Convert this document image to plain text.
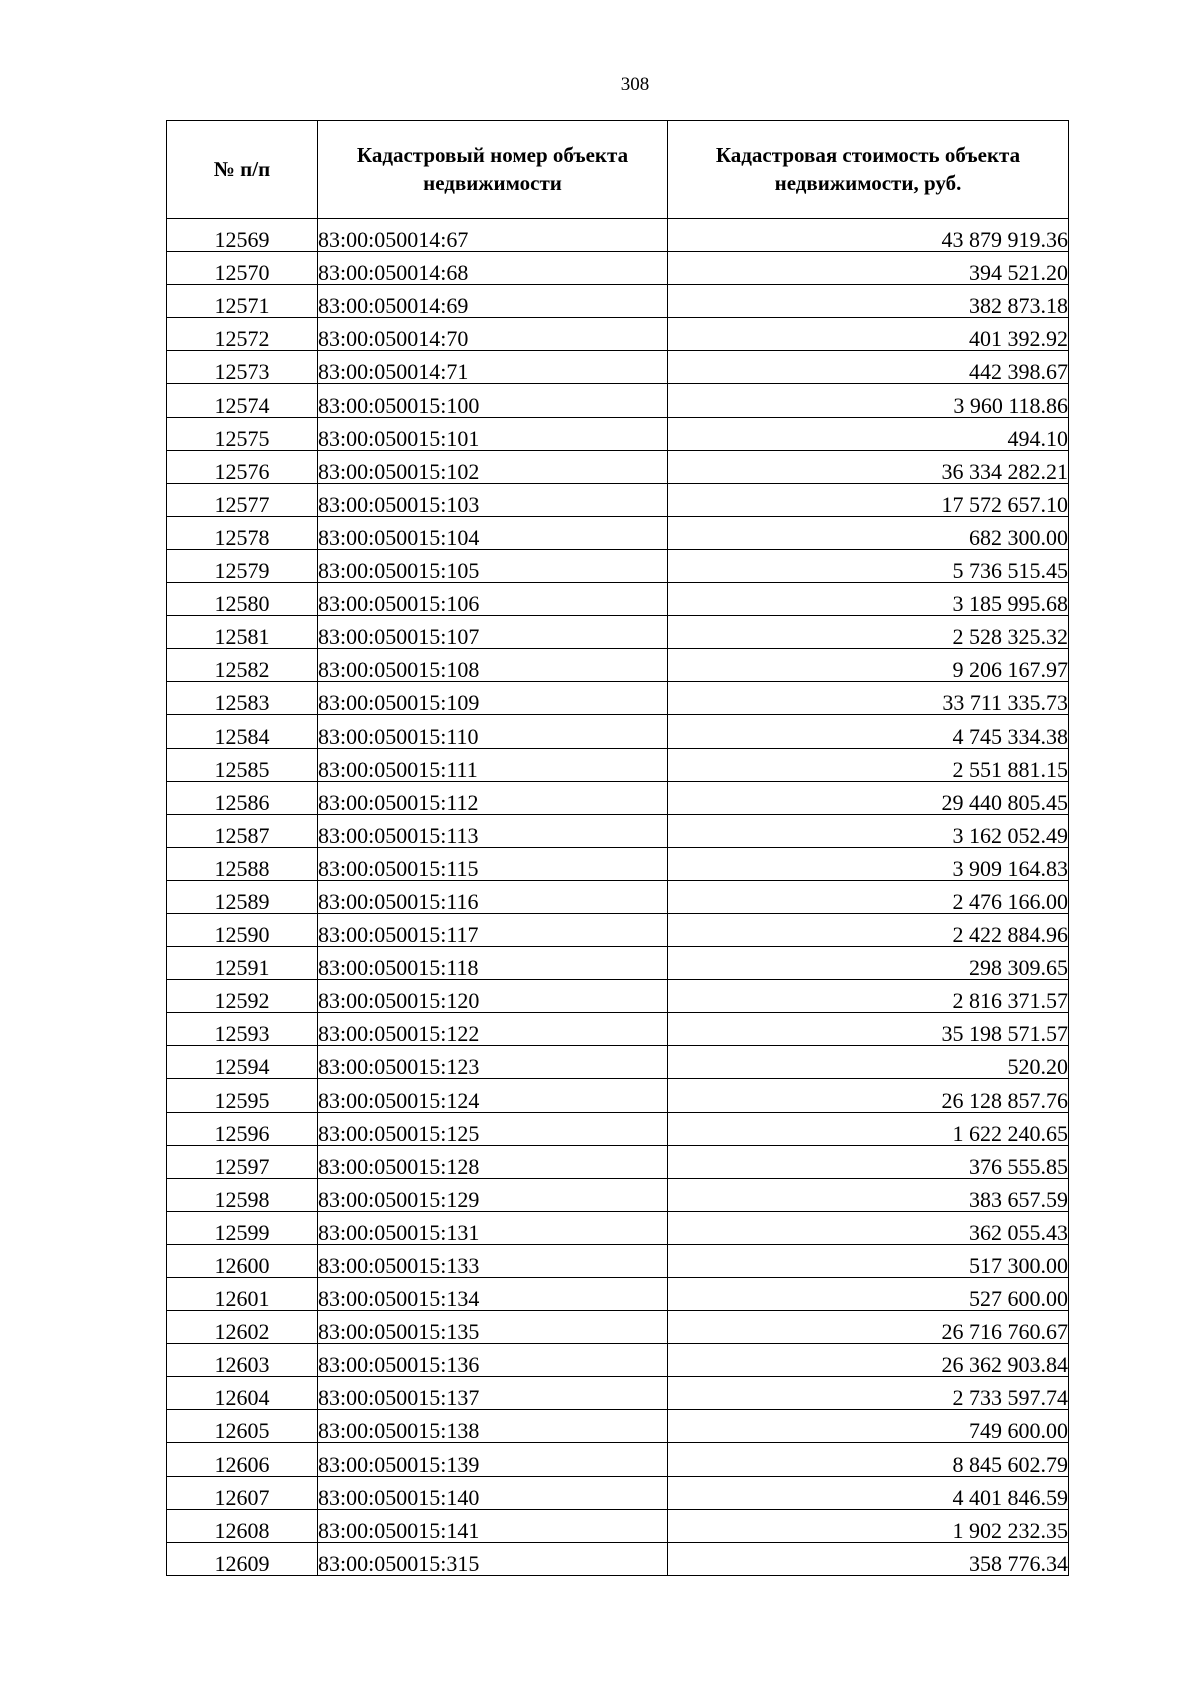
308
№ п/п	Кадастровый номер объекта недвижимости	Кадастровая стоимость объекта недвижимости, руб.
12569	83:00:050014:67	43 879 919.36
12570	83:00:050014:68	394 521.20
12571	83:00:050014:69	382 873.18
12572	83:00:050014:70	401 392.92
12573	83:00:050014:71	442 398.67
12574	83:00:050015:100	3 960 118.86
12575	83:00:050015:101	494.10
12576	83:00:050015:102	36 334 282.21
12577	83:00:050015:103	17 572 657.10
12578	83:00:050015:104	682 300.00
12579	83:00:050015:105	5 736 515.45
12580	83:00:050015:106	3 185 995.68
12581	83:00:050015:107	2 528 325.32
12582	83:00:050015:108	9 206 167.97
12583	83:00:050015:109	33 711 335.73
12584	83:00:050015:110	4 745 334.38
12585	83:00:050015:111	2 551 881.15
12586	83:00:050015:112	29 440 805.45
12587	83:00:050015:113	3 162 052.49
12588	83:00:050015:115	3 909 164.83
12589	83:00:050015:116	2 476 166.00
12590	83:00:050015:117	2 422 884.96
12591	83:00:050015:118	298 309.65
12592	83:00:050015:120	2 816 371.57
12593	83:00:050015:122	35 198 571.57
12594	83:00:050015:123	520.20
12595	83:00:050015:124	26 128 857.76
12596	83:00:050015:125	1 622 240.65
12597	83:00:050015:128	376 555.85
12598	83:00:050015:129	383 657.59
12599	83:00:050015:131	362 055.43
12600	83:00:050015:133	517 300.00
12601	83:00:050015:134	527 600.00
12602	83:00:050015:135	26 716 760.67
12603	83:00:050015:136	26 362 903.84
12604	83:00:050015:137	2 733 597.74
12605	83:00:050015:138	749 600.00
12606	83:00:050015:139	8 845 602.79
12607	83:00:050015:140	4 401 846.59
12608	83:00:050015:141	1 902 232.35
12609	83:00:050015:315	358 776.34
